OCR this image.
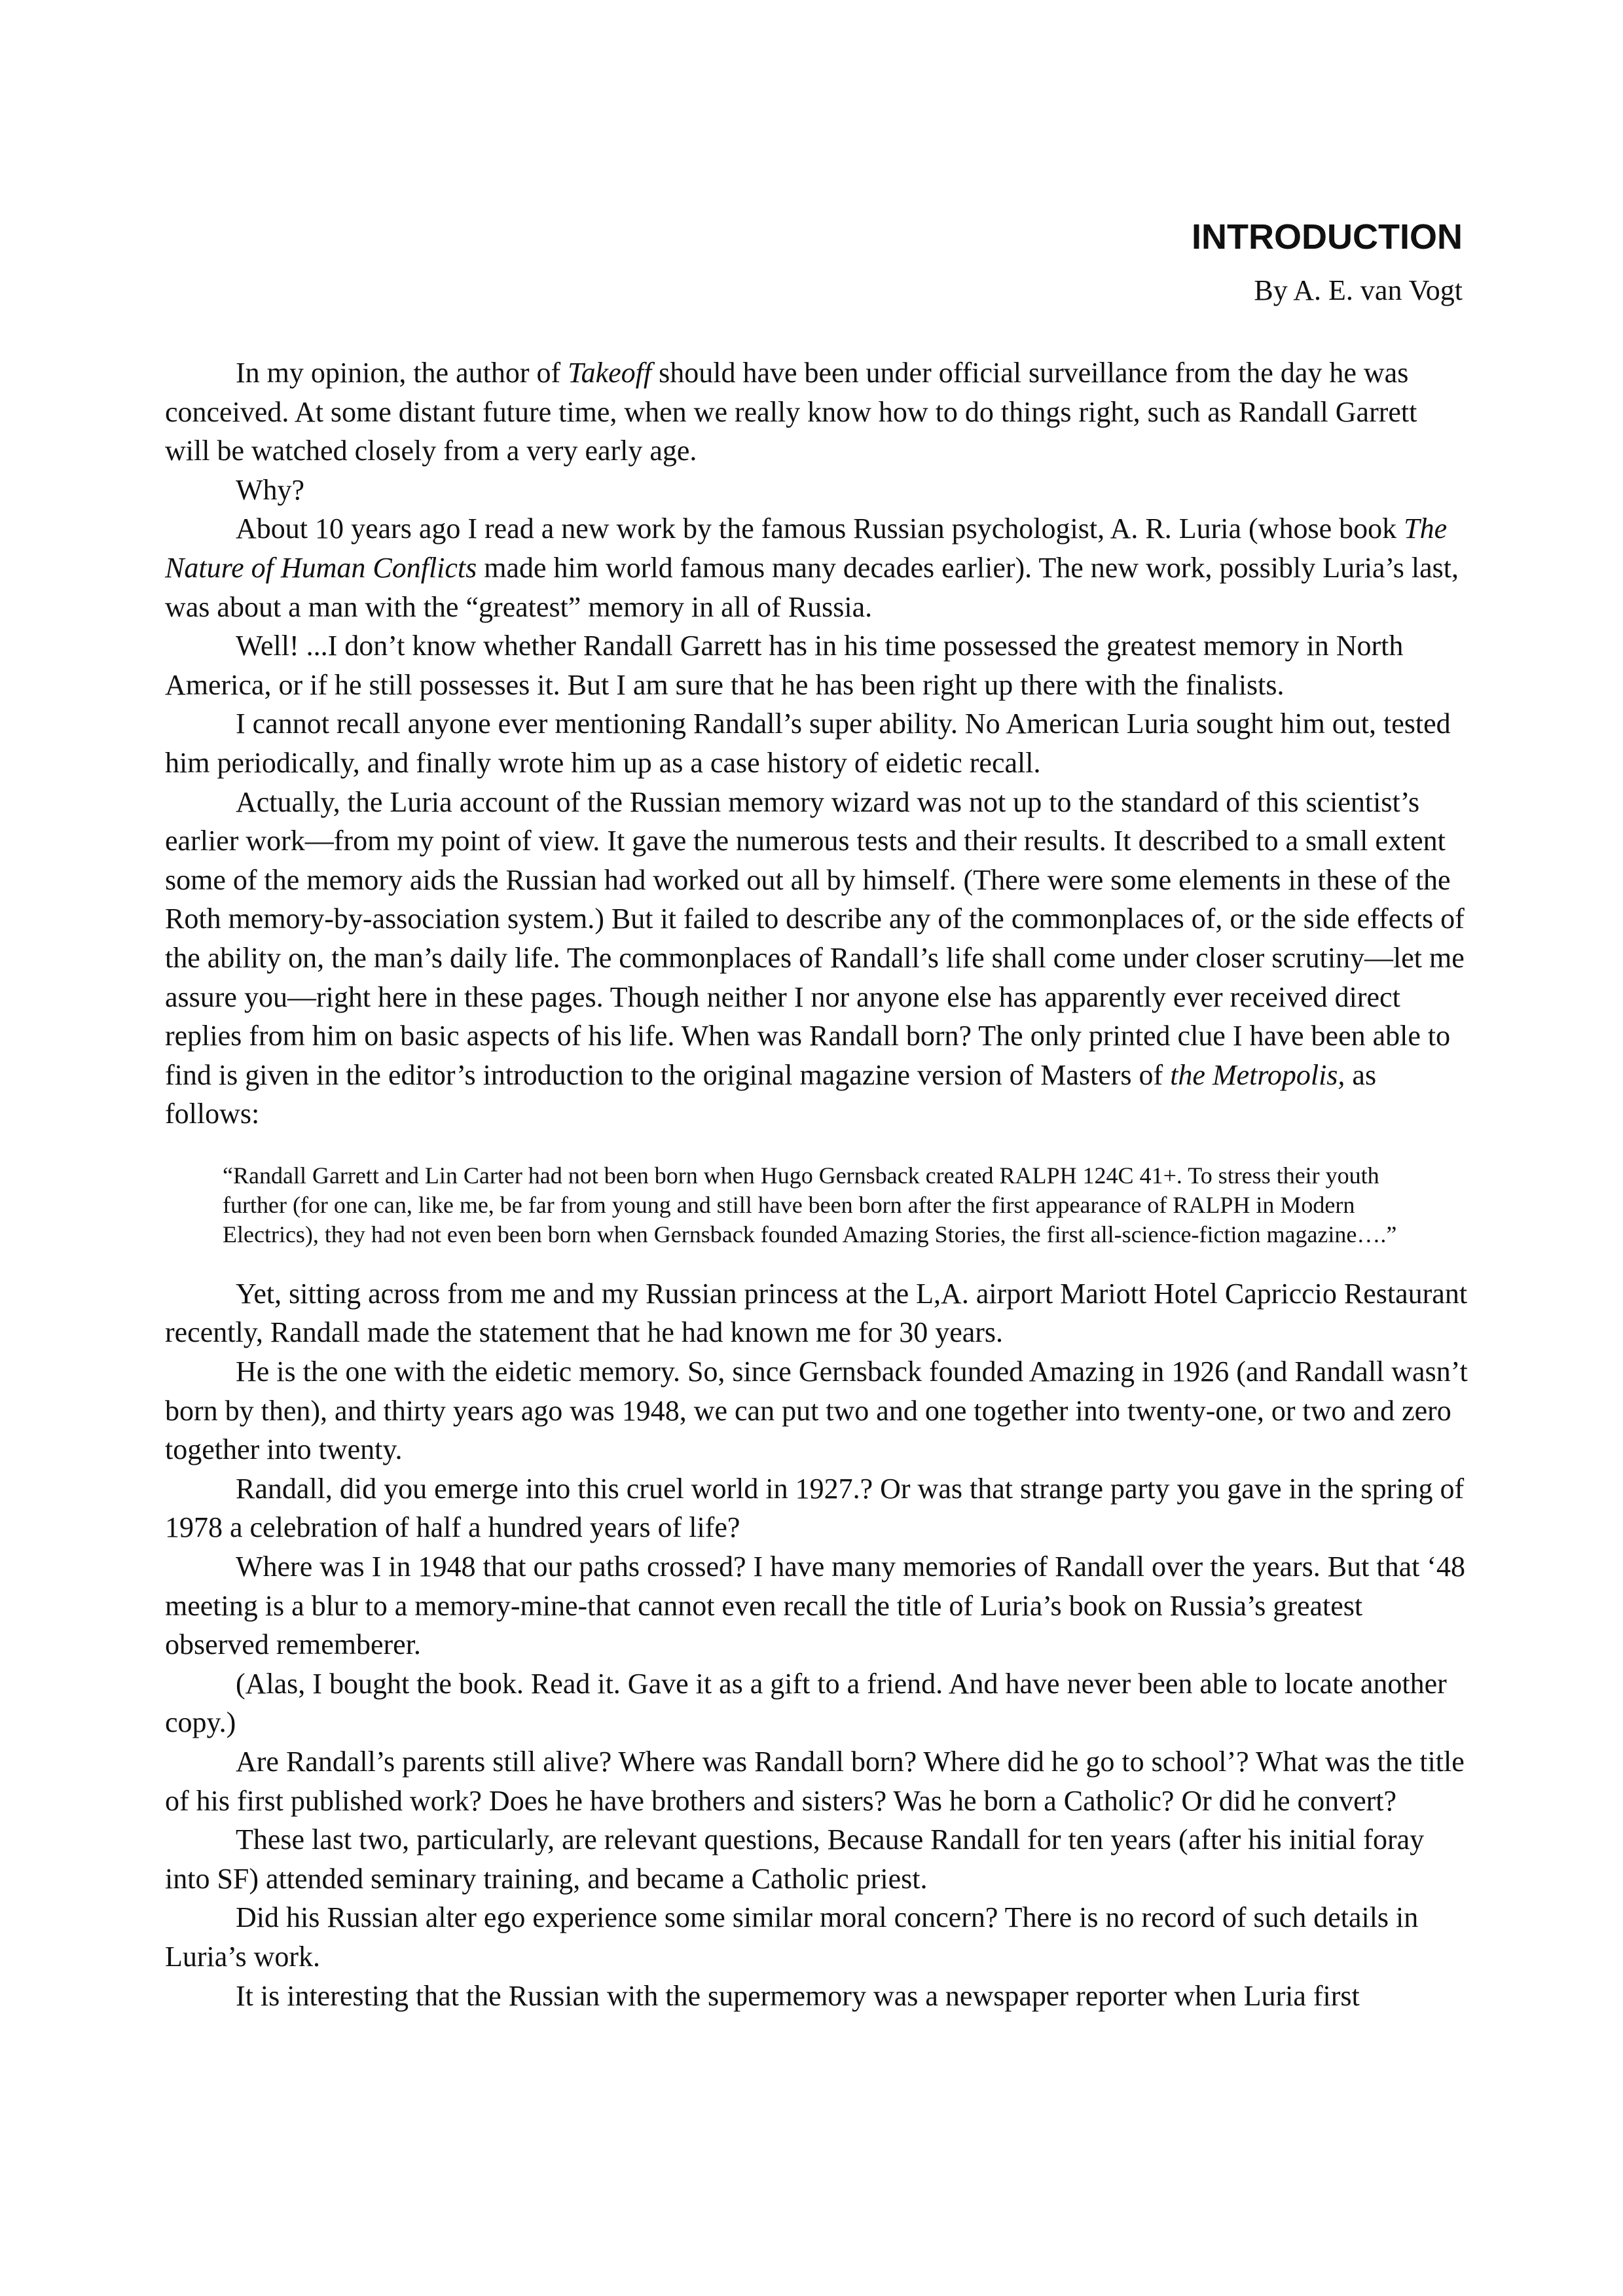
INTRODUCTION
By A. E. van Vogt

In my opinion, the author of Takeoff should have been under official surveillance from the day he was conceived. At some distant future time, when we really know how to do things right, such as Randall Garrett will be watched closely from a very early age.

Why?

About 10 years ago I read a new work by the famous Russian psychologist, A. R. Luria (whose book The Nature of Human Conflicts made him world famous many decades earlier). The new work, possibly Luria’s last, was about a man with the “greatest” memory in all of Russia.

Well! ...I don’t know whether Randall Garrett has in his time possessed the greatest memory in North America, or if he still possesses it. But I am sure that he has been right up there with the finalists.

I cannot recall anyone ever mentioning Randall’s super ability. No American Luria sought him out, tested him periodically, and finally wrote him up as a case history of eidetic recall.

Actually, the Luria account of the Russian memory wizard was not up to the standard of this scientist’s earlier work—from my point of view. It gave the numerous tests and their results. It described to a small extent some of the memory aids the Russian had worked out all by himself. (There were some elements in these of the Roth memory-by-association system.) But it failed to describe any of the commonplaces of, or the side effects of the ability on, the man’s daily life. The commonplaces of Randall’s life shall come under closer scrutiny—let me assure you—right here in these pages. Though neither I nor anyone else has apparently ever received direct replies from him on basic aspects of his life. When was Randall born? The only printed clue I have been able to find is given in the editor’s introduction to the original magazine version of Masters of the Metropolis, as follows:

“Randall Garrett and Lin Carter had not been born when Hugo Gernsback created RALPH 124C 41+. To stress their youth further (for one can, like me, be far from young and still have been born after the first appearance of RALPH in Modern Electrics), they had not even been born when Gernsback founded Amazing Stories, the first all-science-fiction magazine….”

Yet, sitting across from me and my Russian princess at the L,A. airport Mariott Hotel Capriccio Restaurant recently, Randall made the statement that he had known me for 30 years.

He is the one with the eidetic memory. So, since Gernsback founded Amazing in 1926 (and Randall wasn’t born by then), and thirty years ago was 1948, we can put two and one together into twenty-one, or two and zero together into twenty.

Randall, did you emerge into this cruel world in 1927.? Or was that strange party you gave in the spring of 1978 a celebration of half a hundred years of life?

Where was I in 1948 that our paths crossed? I have many memories of Randall over the years. But that ‘48 meeting is a blur to a memory-mine-that cannot even recall the title of Luria’s book on Russia’s greatest observed rememberer.

(Alas, I bought the book. Read it. Gave it as a gift to a friend. And have never been able to locate another copy.)

Are Randall’s parents still alive? Where was Randall born? Where did he go to school’? What was the title of his first published work? Does he have brothers and sisters? Was he born a Catholic? Or did he convert?

These last two, particularly, are relevant questions, Because Randall for ten years (after his initial foray into SF) attended seminary training, and became a Catholic priest.

Did his Russian alter ego experience some similar moral concern? There is no record of such details in Luria’s work.

It is interesting that the Russian with the supermemory was a newspaper reporter when Luria first
